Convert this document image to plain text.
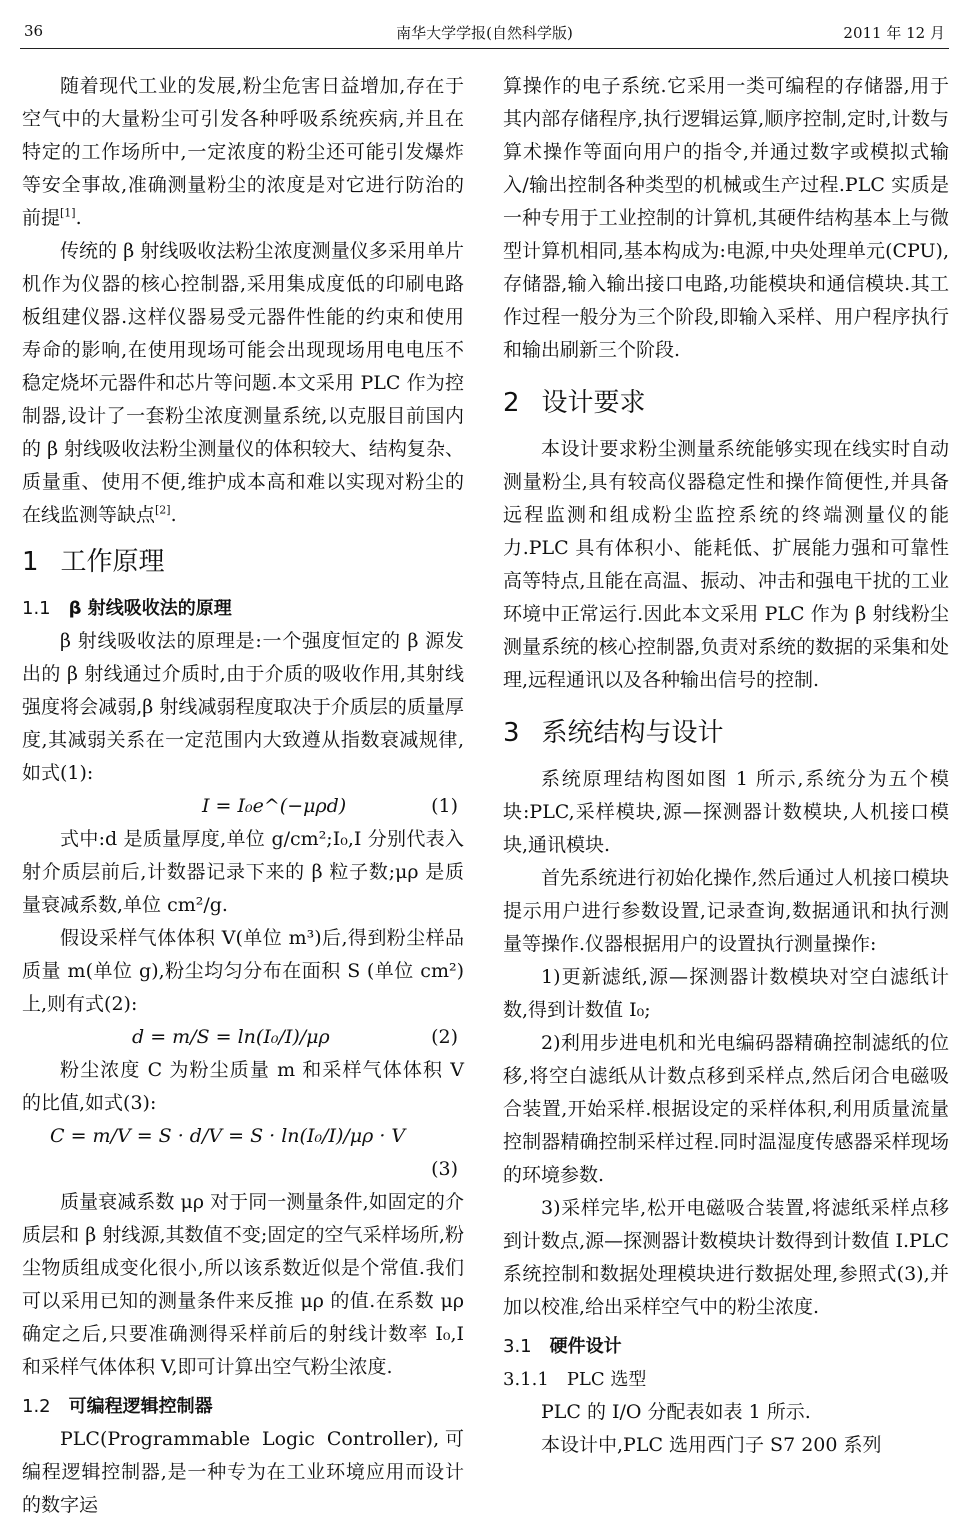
36	南华大学学报(自然科学版)	2011 年 12 月

随着现代工业的发展,粉尘危害日益增加,存在于空气中的大量粉尘可引发各种呼吸系统疾病,并且在特定的工作场所中,一定浓度的粉尘还可能引发爆炸等安全事故,准确测量粉尘的浓度是对它进行防治的前提[1].

传统的 β 射线吸收法粉尘浓度测量仪多采用单片机作为仪器的核心控制器,采用集成度低的印刷电路板组建仪器.这样仪器易受元器件性能的约束和使用寿命的影响,在使用现场可能会出现现场用电电压不稳定烧坏元器件和芯片等问题.本文采用 PLC 作为控制器,设计了一套粉尘浓度测量系统,以克服目前国内的 β 射线吸收法粉尘测量仪的体积较大、结构复杂、质量重、使用不便,维护成本高和难以实现对粉尘的在线监测等缺点[2].

1 工作原理
1.1 β 射线吸收法的原理

β 射线吸收法的原理是:一个强度恒定的 β 源发出的 β 射线通过介质时,由于介质的吸收作用,其射线强度将会减弱,β 射线减弱程度取决于介质层的质量厚度,其减弱关系在一定范围内大致遵从指数衰减规律,如式(1):

I = I₀e^(−μρd)	(1)

式中:d 是质量厚度,单位 g/cm²;I₀,I 分别代表入射介质层前后,计数器记录下来的 β 粒子数;μρ 是质量衰减系数,单位 cm²/g.

假设采样气体体积 V(单位 m³)后,得到粉尘样品质量 m(单位 g),粉尘均匀分布在面积 S (单位 cm²)上,则有式(2):

d = m/S = ln(I₀/I)/μρ	(2)

粉尘浓度 C 为粉尘质量 m 和采样气体体积 V 的比值,如式(3):

C = m/V = S · d/V = S · ln(I₀/I)/μρ · V

(3)

质量衰减系数 μρ 对于同一测量条件,如固定的介质层和 β 射线源,其数值不变;固定的空气采样场所,粉尘物质组成变化很小,所以该系数近似是个常值.我们可以采用已知的测量条件来反推 μρ 的值.在系数 μρ 确定之后,只要准确测得采样前后的射线计数率 I₀,I 和采样气体体积 V,即可计算出空气粉尘浓度.

1.2 可编程逻辑控制器

PLC(Programmable Logic Controller),可编程逻辑控制器,是一种专为在工业环境应用而设计的数字运

算操作的电子系统.它采用一类可编程的存储器,用于其内部存储程序,执行逻辑运算,顺序控制,定时,计数与算术操作等面向用户的指令,并通过数字或模拟式输入/输出控制各种类型的机械或生产过程.PLC 实质是一种专用于工业控制的计算机,其硬件结构基本上与微型计算机相同,基本构成为:电源,中央处理单元(CPU),存储器,输入输出接口电路,功能模块和通信模块.其工作过程一般分为三个阶段,即输入采样、用户程序执行和输出刷新三个阶段.

2 设计要求

本设计要求粉尘测量系统能够实现在线实时自动测量粉尘,具有较高仪器稳定性和操作简便性,并具备远程监测和组成粉尘监控系统的终端测量仪的能力.PLC 具有体积小、能耗低、扩展能力强和可靠性高等特点,且能在高温、振动、冲击和强电干扰的工业环境中正常运行.因此本文采用 PLC 作为 β 射线粉尘测量系统的核心控制器,负责对系统的数据的采集和处理,远程通讯以及各种输出信号的控制.

3 系统结构与设计

系统原理结构图如图 1 所示,系统分为五个模块:PLC,采样模块,源—探测器计数模块,人机接口模块,通讯模块.

首先系统进行初始化操作,然后通过人机接口模块提示用户进行参数设置,记录查询,数据通讯和执行测量等操作.仪器根据用户的设置执行测量操作:

1)更新滤纸,源—探测器计数模块对空白滤纸计数,得到计数值 I₀;

2)利用步进电机和光电编码器精确控制滤纸的位移,将空白滤纸从计数点移到采样点,然后闭合电磁吸合装置,开始采样.根据设定的采样体积,利用质量流量控制器精确控制采样过程.同时温湿度传感器采样现场的环境参数.

3)采样完毕,松开电磁吸合装置,将滤纸采样点移到计数点,源—探测器计数模块计数得到计数值 I.PLC 系统控制和数据处理模块进行数据处理,参照式(3),并加以校准,给出采样空气中的粉尘浓度.

3.1 硬件设计
3.1.1 PLC 选型

PLC 的 I/O 分配表如表 1 所示.

本设计中,PLC 选用西门子 S7 200 系列
